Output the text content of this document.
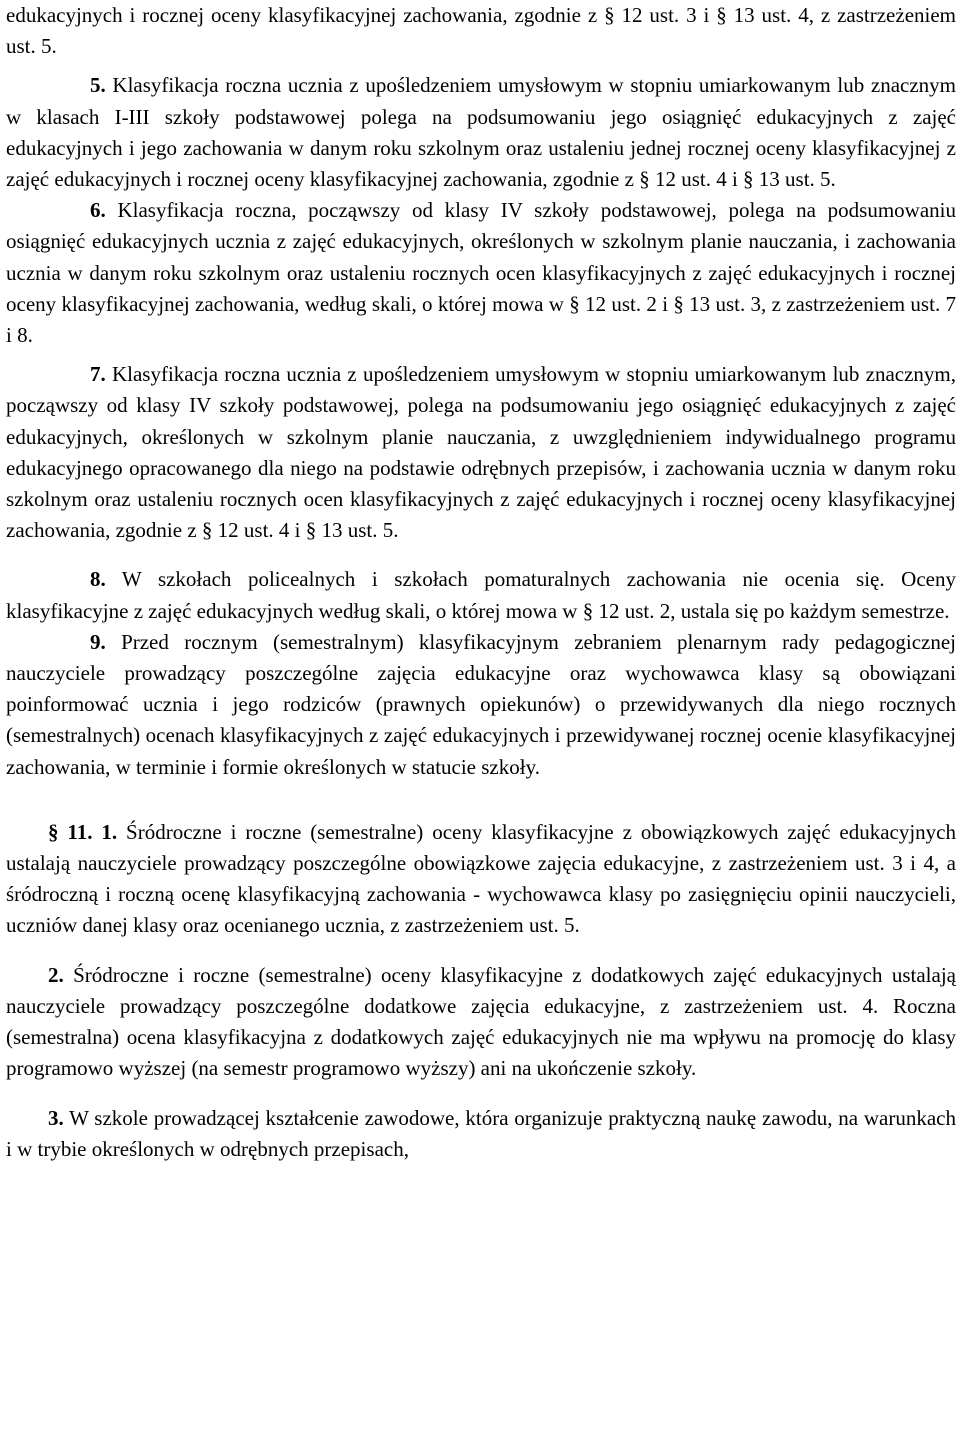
edukacyjnych i rocznej oceny klasyfikacyjnej zachowania, zgodnie z § 12 ust. 3 i § 13 ust. 4, z zastrzeżeniem ust. 5.

5. Klasyfikacja roczna ucznia z upośledzeniem umysłowym w stopniu umiarkowanym lub znacznym w klasach I-III szkoły podstawowej polega na podsumowaniu jego osiągnięć edukacyjnych z zajęć edukacyjnych i jego zachowania w danym roku szkolnym oraz ustaleniu jednej rocznej oceny klasyfikacyjnej z zajęć edukacyjnych i rocznej oceny klasyfikacyjnej zachowania, zgodnie z § 12 ust. 4 i § 13 ust. 5.

6. Klasyfikacja roczna, począwszy od klasy IV szkoły podstawowej, polega na podsumowaniu osiągnięć edukacyjnych ucznia z zajęć edukacyjnych, określonych w szkolnym planie nauczania, i zachowania ucznia w danym roku szkolnym oraz ustaleniu rocznych ocen klasyfikacyjnych z zajęć edukacyjnych i rocznej oceny klasyfikacyjnej zachowania, według skali, o której mowa w § 12 ust. 2 i § 13 ust. 3, z zastrzeżeniem ust. 7 i 8.

7. Klasyfikacja roczna ucznia z upośledzeniem umysłowym w stopniu umiarkowanym lub znacznym, począwszy od klasy IV szkoły podstawowej, polega na podsumowaniu jego osiągnięć edukacyjnych z zajęć edukacyjnych, określonych w szkolnym planie nauczania, z uwzględnieniem indywidualnego programu edukacyjnego opracowanego dla niego na podstawie odrębnych przepisów, i zachowania ucznia w danym roku szkolnym oraz ustaleniu rocznych ocen klasyfikacyjnych z zajęć edukacyjnych i rocznej oceny klasyfikacyjnej zachowania, zgodnie z § 12 ust. 4 i § 13 ust. 5.

8. W szkołach policealnych i szkołach pomaturalnych zachowania nie ocenia się. Oceny klasyfikacyjne z zajęć edukacyjnych według skali, o której mowa w § 12 ust. 2, ustala się po każdym semestrze.

9. Przed rocznym (semestralnym) klasyfikacyjnym zebraniem plenarnym rady pedagogicznej nauczyciele prowadzący poszczególne zajęcia edukacyjne oraz wychowawca klasy są obowiązani poinformować ucznia i jego rodziców (prawnych opiekunów) o przewidywanych dla niego rocznych (semestralnych) ocenach klasyfikacyjnych z zajęć edukacyjnych i przewidywanej rocznej ocenie klasyfikacyjnej zachowania, w terminie i formie określonych w statucie szkoły.

§ 11. 1. Śródroczne i roczne (semestralne) oceny klasyfikacyjne z obowiązkowych zajęć edukacyjnych ustalają nauczyciele prowadzący poszczególne obowiązkowe zajęcia edukacyjne, z zastrzeżeniem ust. 3 i 4, a śródroczną i roczną ocenę klasyfikacyjną zachowania - wychowawca klasy po zasięgnięciu opinii nauczycieli, uczniów danej klasy oraz ocenianego ucznia, z zastrzeżeniem ust. 5.

2. Śródroczne i roczne (semestralne) oceny klasyfikacyjne z dodatkowych zajęć edukacyjnych ustalają nauczyciele prowadzący poszczególne dodatkowe zajęcia edukacyjne, z zastrzeżeniem ust. 4. Roczna (semestralna) ocena klasyfikacyjna z dodatkowych zajęć edukacyjnych nie ma wpływu na promocję do klasy programowo wyższej (na semestr programowo wyższy) ani na ukończenie szkoły.

3. W szkole prowadzącej kształcenie zawodowe, która organizuje praktyczną naukę zawodu, na warunkach i w trybie określonych w odrębnych przepisach,
